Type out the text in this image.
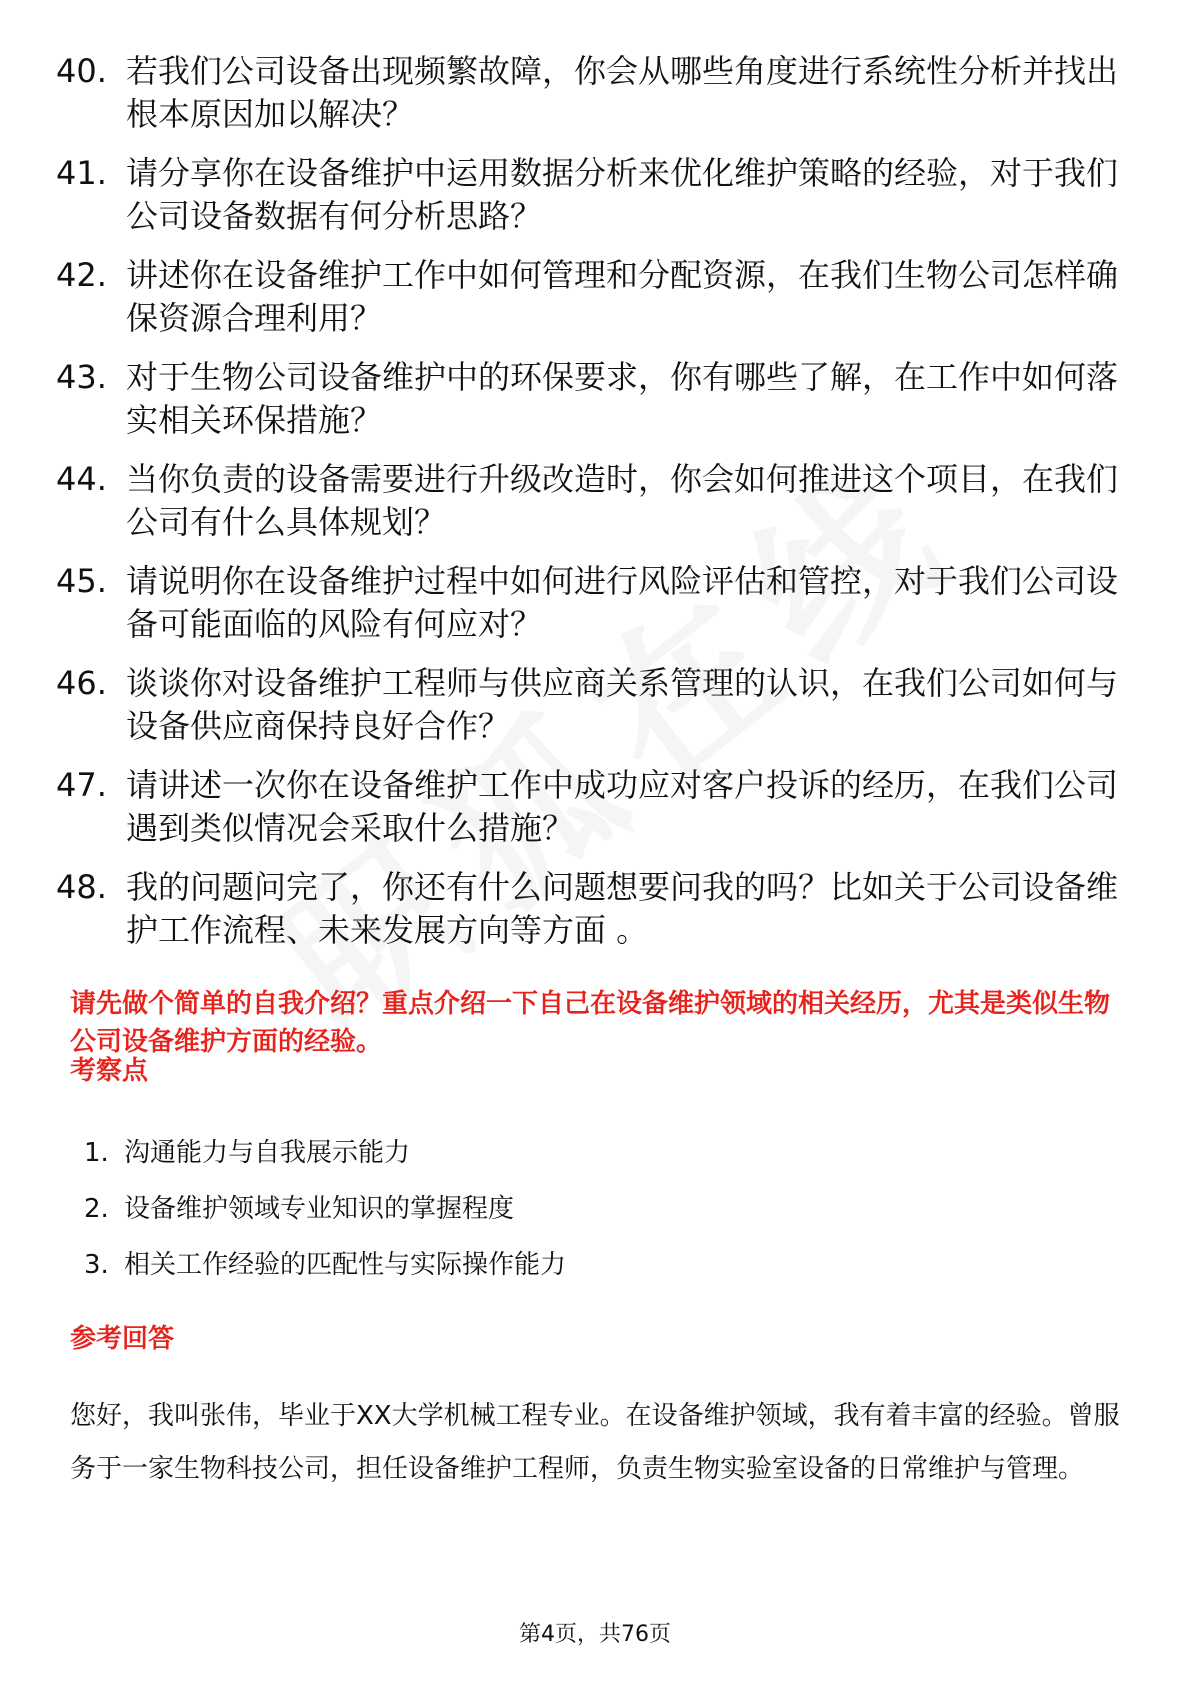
40. 若我们公司设备出现频繁故障，你会从哪些角度进行系统性分析并找出根本原因加以解决？
41. 请分享你在设备维护中运用数据分析来优化维护策略的经验，对于我们公司设备数据有何分析思路？
42. 讲述你在设备维护工作中如何管理和分配资源，在我们生物公司怎样确保资源合理利用？
43. 对于生物公司设备维护中的环保要求，你有哪些了解，在工作中如何落实相关环保措施？
44. 当你负责的设备需要进行升级改造时，你会如何推进这个项目，在我们公司有什么具体规划？
45. 请说明你在设备维护过程中如何进行风险评估和管控，对于我们公司设备可能面临的风险有何应对？
46. 谈谈你对设备维护工程师与供应商关系管理的认识，在我们公司如何与设备供应商保持良好合作？
47. 请讲述一次你在设备维护工作中成功应对客户投诉的经历，在我们公司遇到类似情况会采取什么措施？
48. 我的问题问完了，你还有什么问题想要问我的吗？比如关于公司设备维护工作流程、未来发展方向等方面 。
请先做个简单的自我介绍？重点介绍一下自己在设备维护领域的相关经历，尤其是类似生物公司设备维护方面的经验。
考察点
1. 沟通能力与自我展示能力
2. 设备维护领域专业知识的掌握程度
3. 相关工作经验的匹配性与实际操作能力
参考回答
您好，我叫张伟，毕业于XX大学机械工程专业。在设备维护领域，我有着丰富的经验。曾服务于一家生物科技公司，担任设备维护工程师，负责生物实验室设备的日常维护与管理。
第4页，共76页
